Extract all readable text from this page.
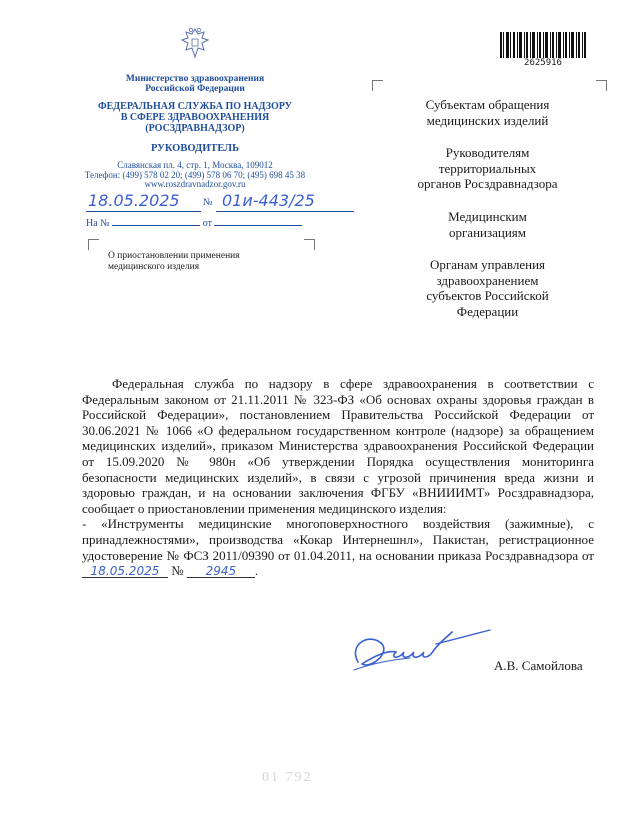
Министерство здравоохранения
Российской Федерации
ФЕДЕРАЛЬНАЯ СЛУЖБА ПО НАДЗОРУ
В СФЕРЕ ЗДРАВООХРАНЕНИЯ
(РОСЗДРАВНАДЗОР)
РУКОВОДИТЕЛЬ
Славянская пл. 4, стр. 1, Москва, 109012
Телефон: (499) 578 02 20; (499) 578 06 70; (495) 698 45 38
www.roszdravnadzor.gov.ru
18.05.2025 № 01и-443/25
На №	от
О приостановлении применения
медицинского изделия
2625916
Субъектам обращения
медицинских изделий
Руководителям
территориальных
органов Росздравнадзора
Медицинским
организациям
Органам управления
здравоохранением
субъектов Российской
Федерации

Федеральная служба по надзору в сфере здравоохранения в соответствии с Федеральным законом от 21.11.2011 № 323-ФЗ «Об основах охраны здоровья граждан в Российской Федерации», постановлением Правительства Российской Федерации от 30.06.2021 № 1066 «О федеральном государственном контроле (надзоре) за обращением медицинских изделий», приказом Министерства здравоохранения Российской Федерации от 15.09.2020 № 980н «Об утверждении Порядка осуществления мониторинга безопасности медицинских изделий», в связи с угрозой причинения вреда жизни и здоровью граждан, и на основании заключения ФГБУ «ВНИИИМТ» Росздравнадзора, сообщает о приостановлении применения медицинского изделия:

- «Инструменты медицинские многоповерхностного воздействия (зажимные), с принадлежностями», производства «Кокар Интернешнл», Пакистан, регистрационное удостоверение № ФСЗ 2011/09390 от 01.04.2011, на основании приказа Росздравнадзора от 18.05.2025 № 2945 .

А.В. Самойлова
01 792
